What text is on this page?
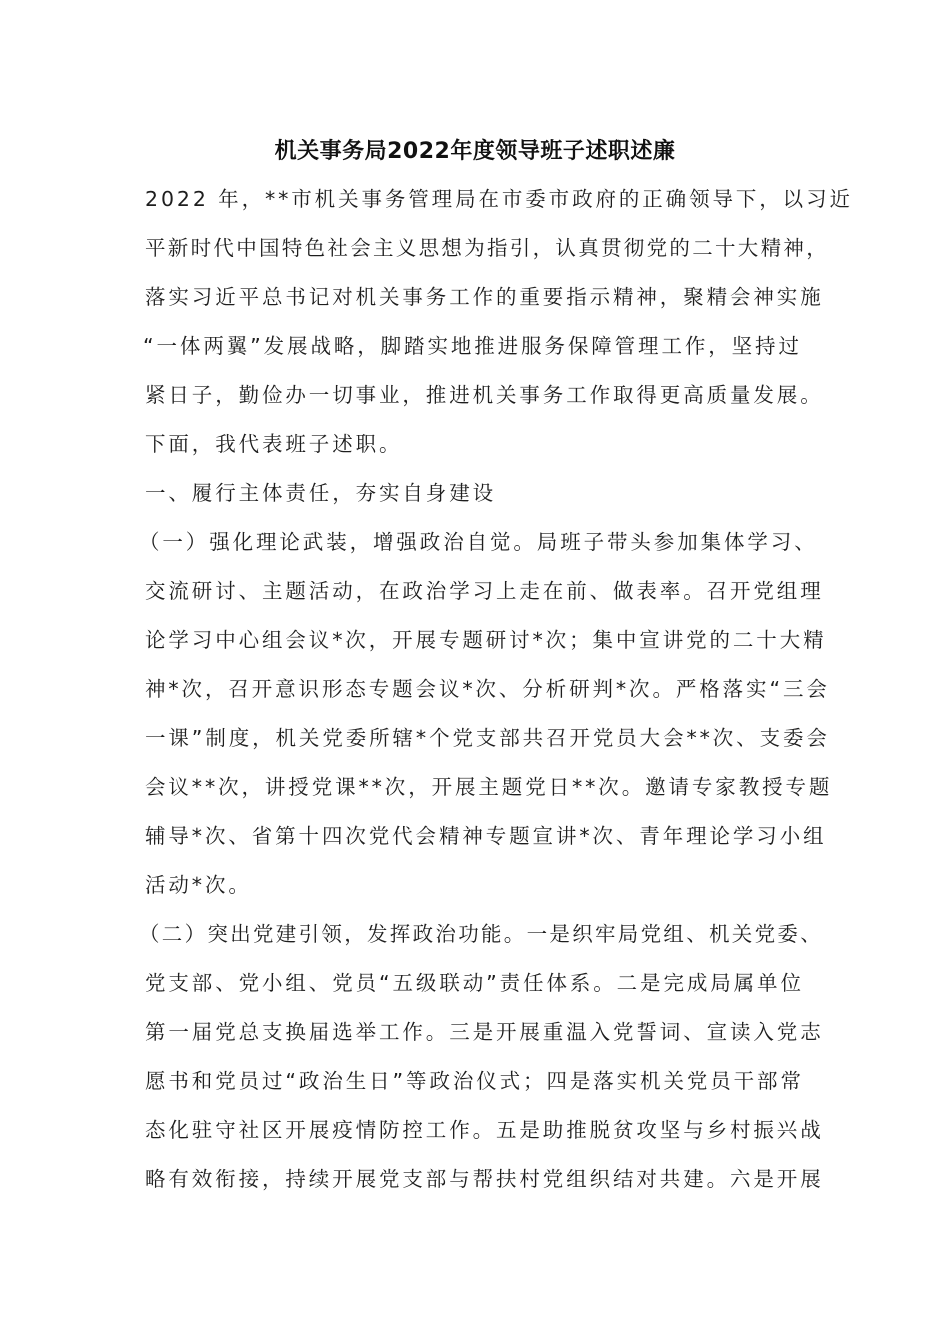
机关事务局2022年度领导班子述职述廉
2022 年，**市机关事务管理局在市委市政府的正确领导下，以习近
平新时代中国特色社会主义思想为指引，认真贯彻党的二十大精神，
落实习近平总书记对机关事务工作的重要指示精神，聚精会神实施
“一体两翼”发展战略，脚踏实地推进服务保障管理工作，坚持过
紧日子，勤俭办一切事业，推进机关事务工作取得更高质量发展。
下面，我代表班子述职。
一、履行主体责任，夯实自身建设
（一）强化理论武装，增强政治自觉。局班子带头参加集体学习、
交流研讨、主题活动，在政治学习上走在前、做表率。召开党组理
论学习中心组会议*次，开展专题研讨*次；集中宣讲党的二十大精
神*次，召开意识形态专题会议*次、分析研判*次。严格落实“三会
一课”制度，机关党委所辖*个党支部共召开党员大会**次、支委会
会议**次，讲授党课**次，开展主题党日**次。邀请专家教授专题
辅导*次、省第十四次党代会精神专题宣讲*次、青年理论学习小组
活动*次。
（二）突出党建引领，发挥政治功能。一是织牢局党组、机关党委、
党支部、党小组、党员“五级联动”责任体系。二是完成局属单位
第一届党总支换届选举工作。三是开展重温入党誓词、宣读入党志
愿书和党员过“政治生日”等政治仪式；四是落实机关党员干部常
态化驻守社区开展疫情防控工作。五是助推脱贫攻坚与乡村振兴战
略有效衔接，持续开展党支部与帮扶村党组织结对共建。六是开展
